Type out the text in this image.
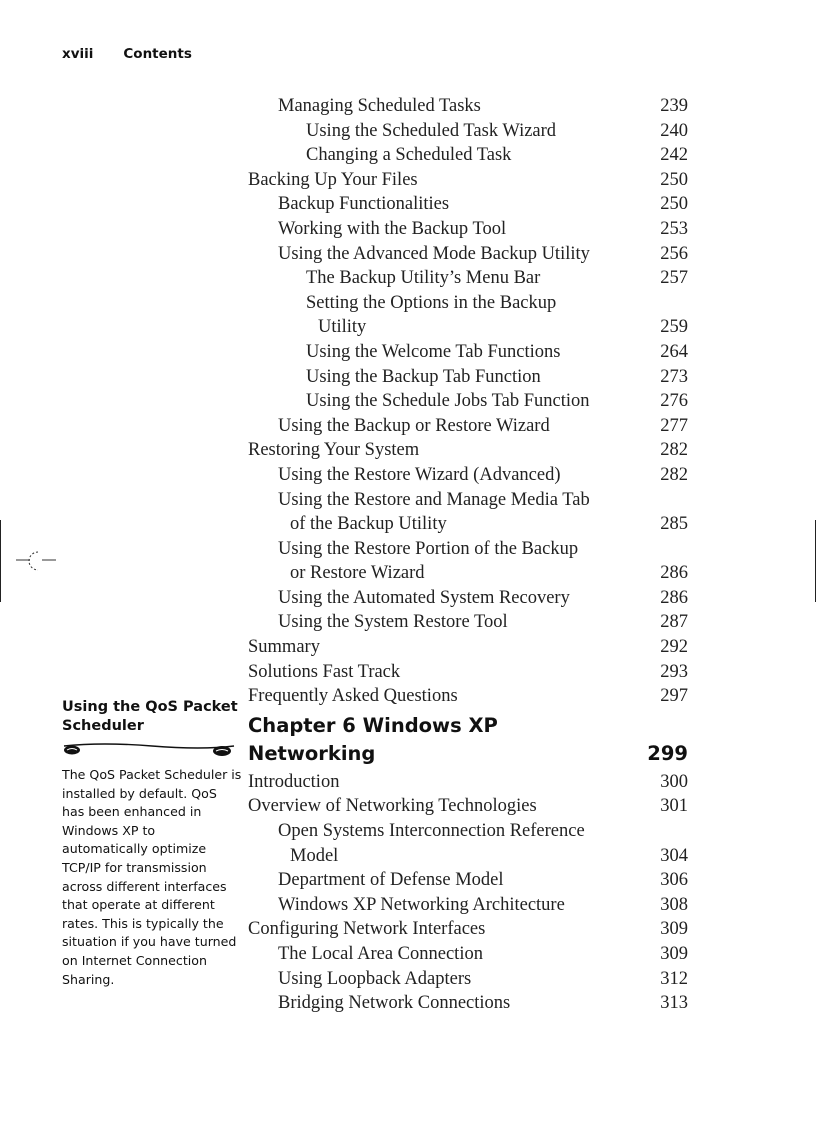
xviii Contents
Managing Scheduled Tasks	239
Using the Scheduled Task Wizard	240
Changing a Scheduled Task	242
Backing Up Your Files	250
Backup Functionalities	250
Working with the Backup Tool	253
Using the Advanced Mode Backup Utility	256
The Backup Utility’s Menu Bar	257
Setting the Options in the Backup
Utility	259
Using the Welcome Tab Functions	264
Using the Backup Tab Function	273
Using the Schedule Jobs Tab Function	276
Using the Backup or Restore Wizard	277
Restoring Your System	282
Using the Restore Wizard (Advanced)	282
Using the Restore and Manage Media Tab
of the Backup Utility	285
Using the Restore Portion of the Backup
or Restore Wizard	286
Using the Automated System Recovery	286
Using the System Restore Tool	287
Summary	292
Solutions Fast Track	293
Frequently Asked Questions	297
Chapter 6 Windows XP Networking	299
Introduction	300
Overview of Networking Technologies	301
Open Systems Interconnection Reference
Model	304
Department of Defense Model	306
Windows XP Networking Architecture	308
Configuring Network Interfaces	309
The Local Area Connection	309
Using Loopback Adapters	312
Bridging Network Connections	313
Using the QoS Packet Scheduler
The QoS Packet Scheduler is installed by default. QoS has been enhanced in Windows XP to automatically optimize TCP/IP for transmission across different interfaces that operate at different rates. This is typically the situation if you have turned on Internet Connection Sharing.
